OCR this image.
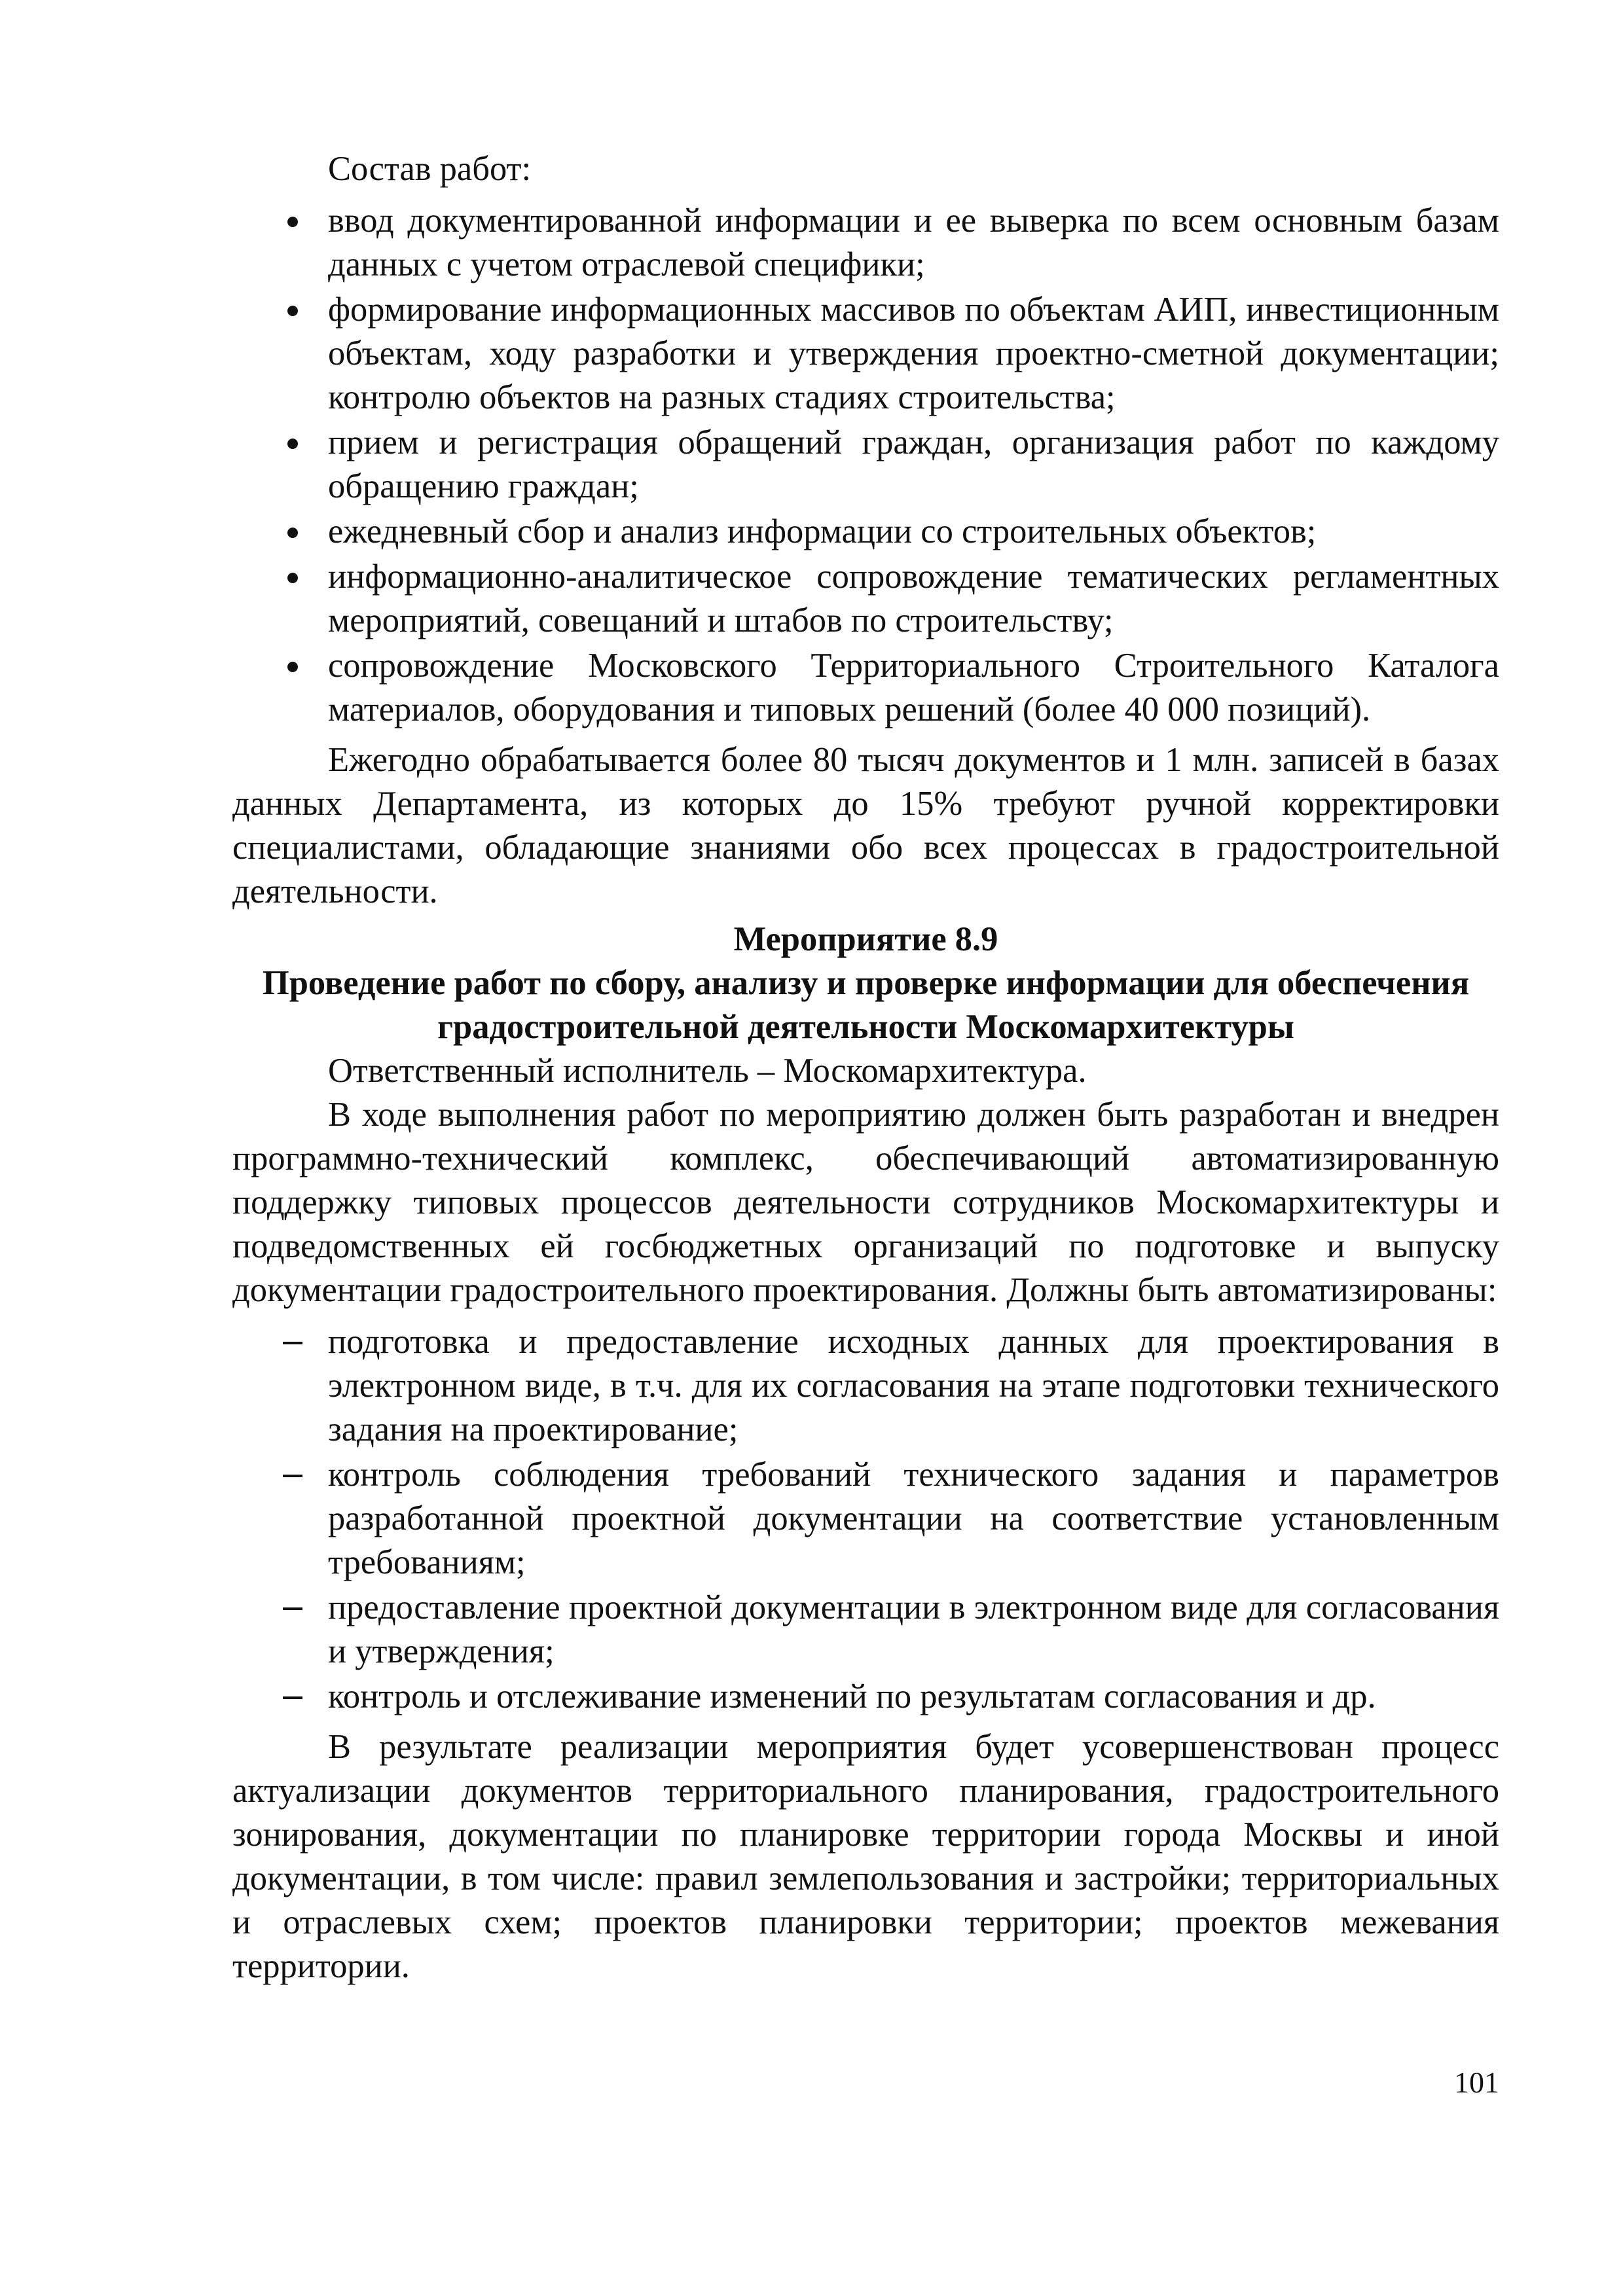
Состав работ:

ввод документированной информации и ее выверка по всем основным базам данных с учетом отраслевой специфики;
формирование информационных массивов по объектам АИП, инвестиционным объектам, ходу разработки и утверждения проектно-сметной документации; контролю объектов на разных стадиях строительства;
прием и регистрация обращений граждан, организация работ по каждому обращению граждан;
ежедневный сбор и анализ информации со строительных объектов;
информационно-аналитическое сопровождение тематических регламентных мероприятий, совещаний и штабов по строительству;
сопровождение Московского Территориального Строительного Каталога материалов, оборудования и типовых решений (более 40 000 позиций).

Ежегодно обрабатывается более 80 тысяч документов и 1 млн. записей в базах данных Департамента, из которых до 15% требуют ручной корректировки специалистами, обладающие знаниями обо всех процессах в градостроительной деятельности.

Мероприятие 8.9

Проведение работ по сбору, анализу и проверке информации для обеспечения градостроительной деятельности Москомархитектуры

Ответственный исполнитель – Москомархитектура.

В ходе выполнения работ по мероприятию должен быть разработан и внедрен программно-технический комплекс, обеспечивающий автоматизированную поддержку типовых процессов деятельности сотрудников Москомархитектуры и подведомственных ей госбюджетных организаций по подготовке и выпуску документации градостроительного проектирования. Должны быть автоматизированы:

подготовка и предоставление исходных данных для проектирования в электронном виде, в т.ч. для их согласования на этапе подготовки технического задания на проектирование;
контроль соблюдения требований технического задания и параметров разработанной проектной документации на соответствие установленным требованиям;
предоставление проектной документации в электронном виде для согласования и утверждения;
контроль и отслеживание изменений по результатам согласования и др.

В результате реализации мероприятия будет усовершенствован процесс актуализации документов территориального планирования, градостроительного зонирования, документации по планировке территории города Москвы и иной документации, в том числе: правил землепользования и застройки; территориальных и отраслевых схем; проектов планировки территории; проектов межевания территории.

101
